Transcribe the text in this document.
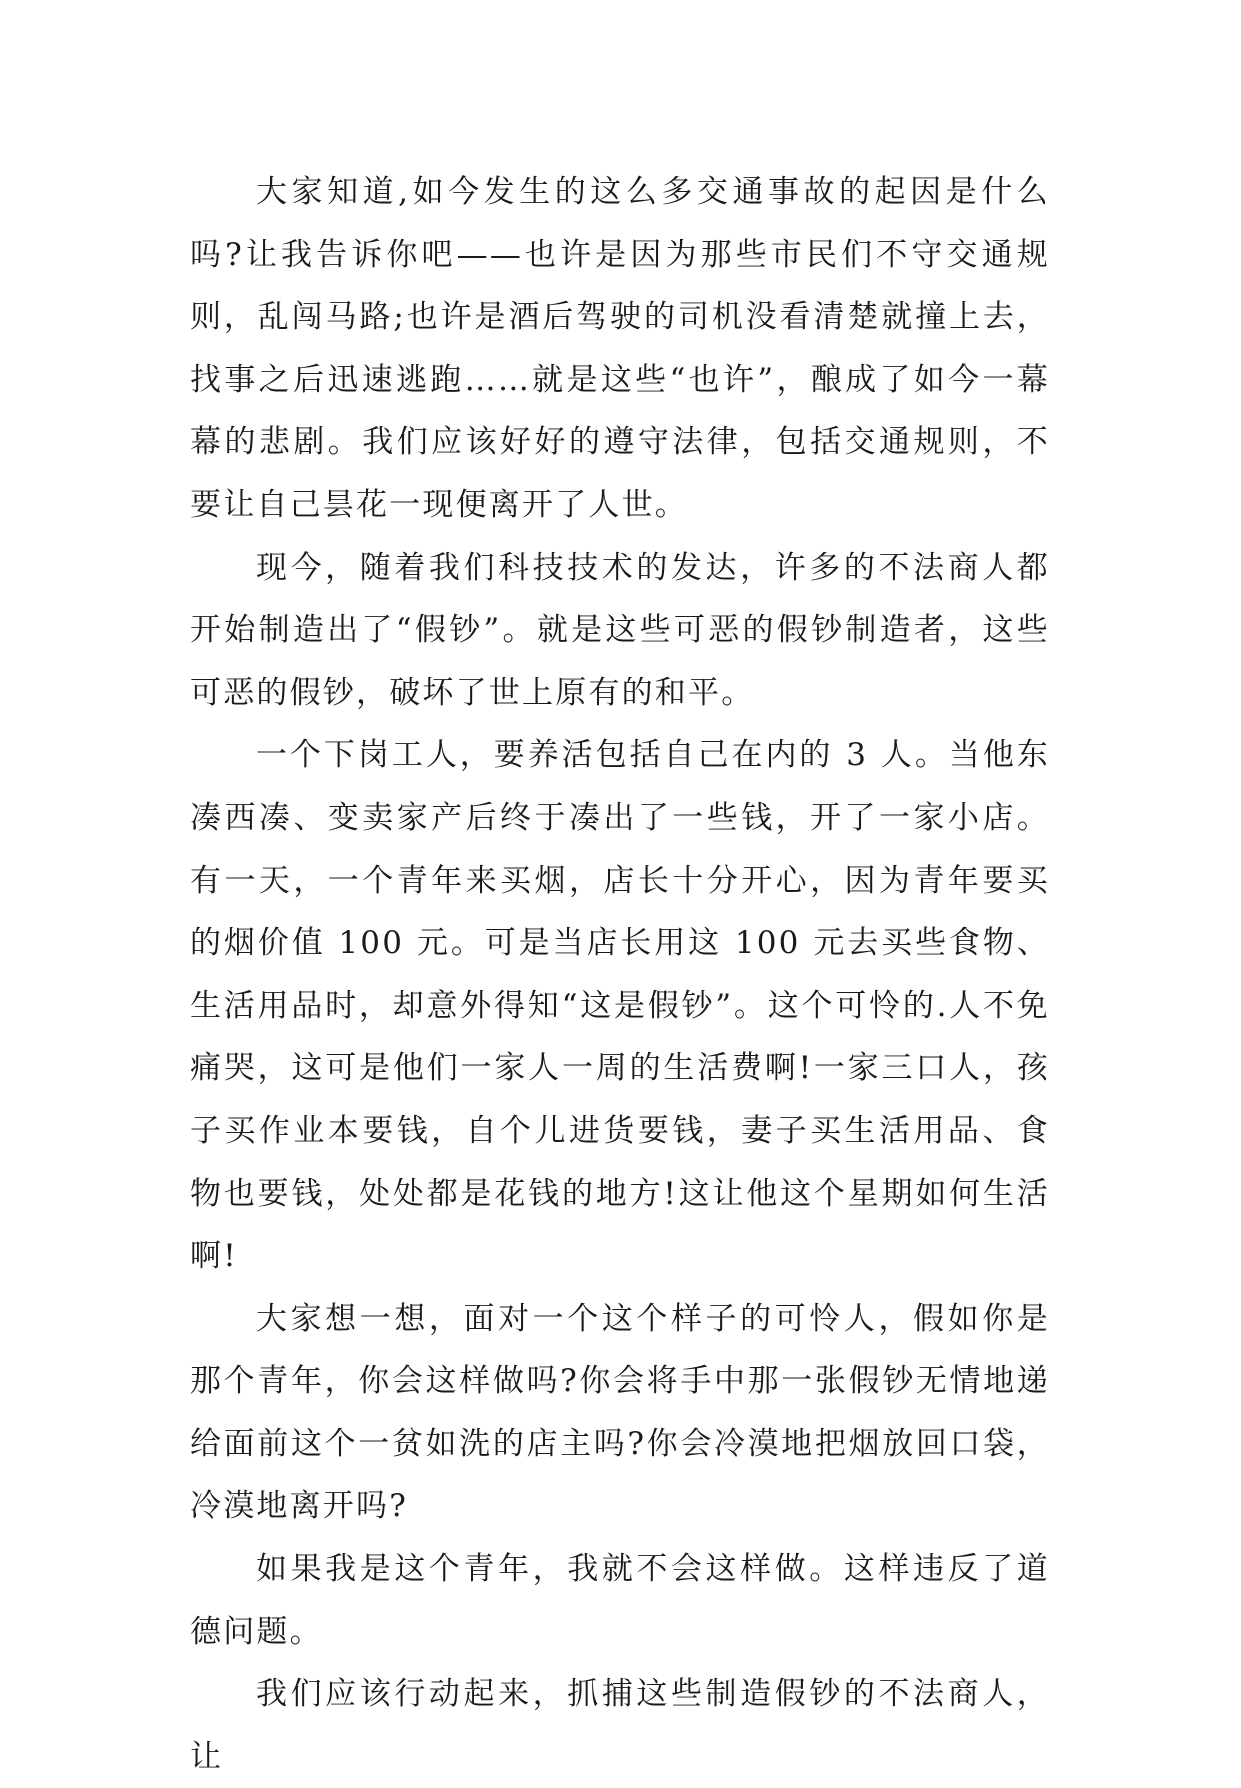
大家知道,如今发生的这么多交通事故的起因是什么吗?让我告诉你吧——也许是因为那些市民们不守交通规则，乱闯马路;也许是酒后驾驶的司机没看清楚就撞上去，找事之后迅速逃跑……就是这些“也许”，酿成了如今一幕幕的悲剧。我们应该好好的遵守法律，包括交通规则，不要让自己昙花一现便离开了人世。

现今，随着我们科技技术的发达，许多的不法商人都开始制造出了“假钞”。就是这些可恶的假钞制造者，这些可恶的假钞，破坏了世上原有的和平。

一个下岗工人，要养活包括自己在内的 3 人。当他东凑西凑、变卖家产后终于凑出了一些钱，开了一家小店。有一天，一个青年来买烟，店长十分开心，因为青年要买的烟价值 100 元。可是当店长用这 100 元去买些食物、生活用品时，却意外得知“这是假钞”。这个可怜的.人不免痛哭，这可是他们一家人一周的生活费啊!一家三口人，孩子买作业本要钱，自个儿进货要钱，妻子买生活用品、食物也要钱，处处都是花钱的地方!这让他这个星期如何生活啊!

大家想一想，面对一个这个样子的可怜人，假如你是那个青年，你会这样做吗?你会将手中那一张假钞无情地递给面前这个一贫如洗的店主吗?你会冷漠地把烟放回口袋，冷漠地离开吗?

如果我是这个青年，我就不会这样做。这样违反了道德问题。

我们应该行动起来，抓捕这些制造假钞的不法商人，让
